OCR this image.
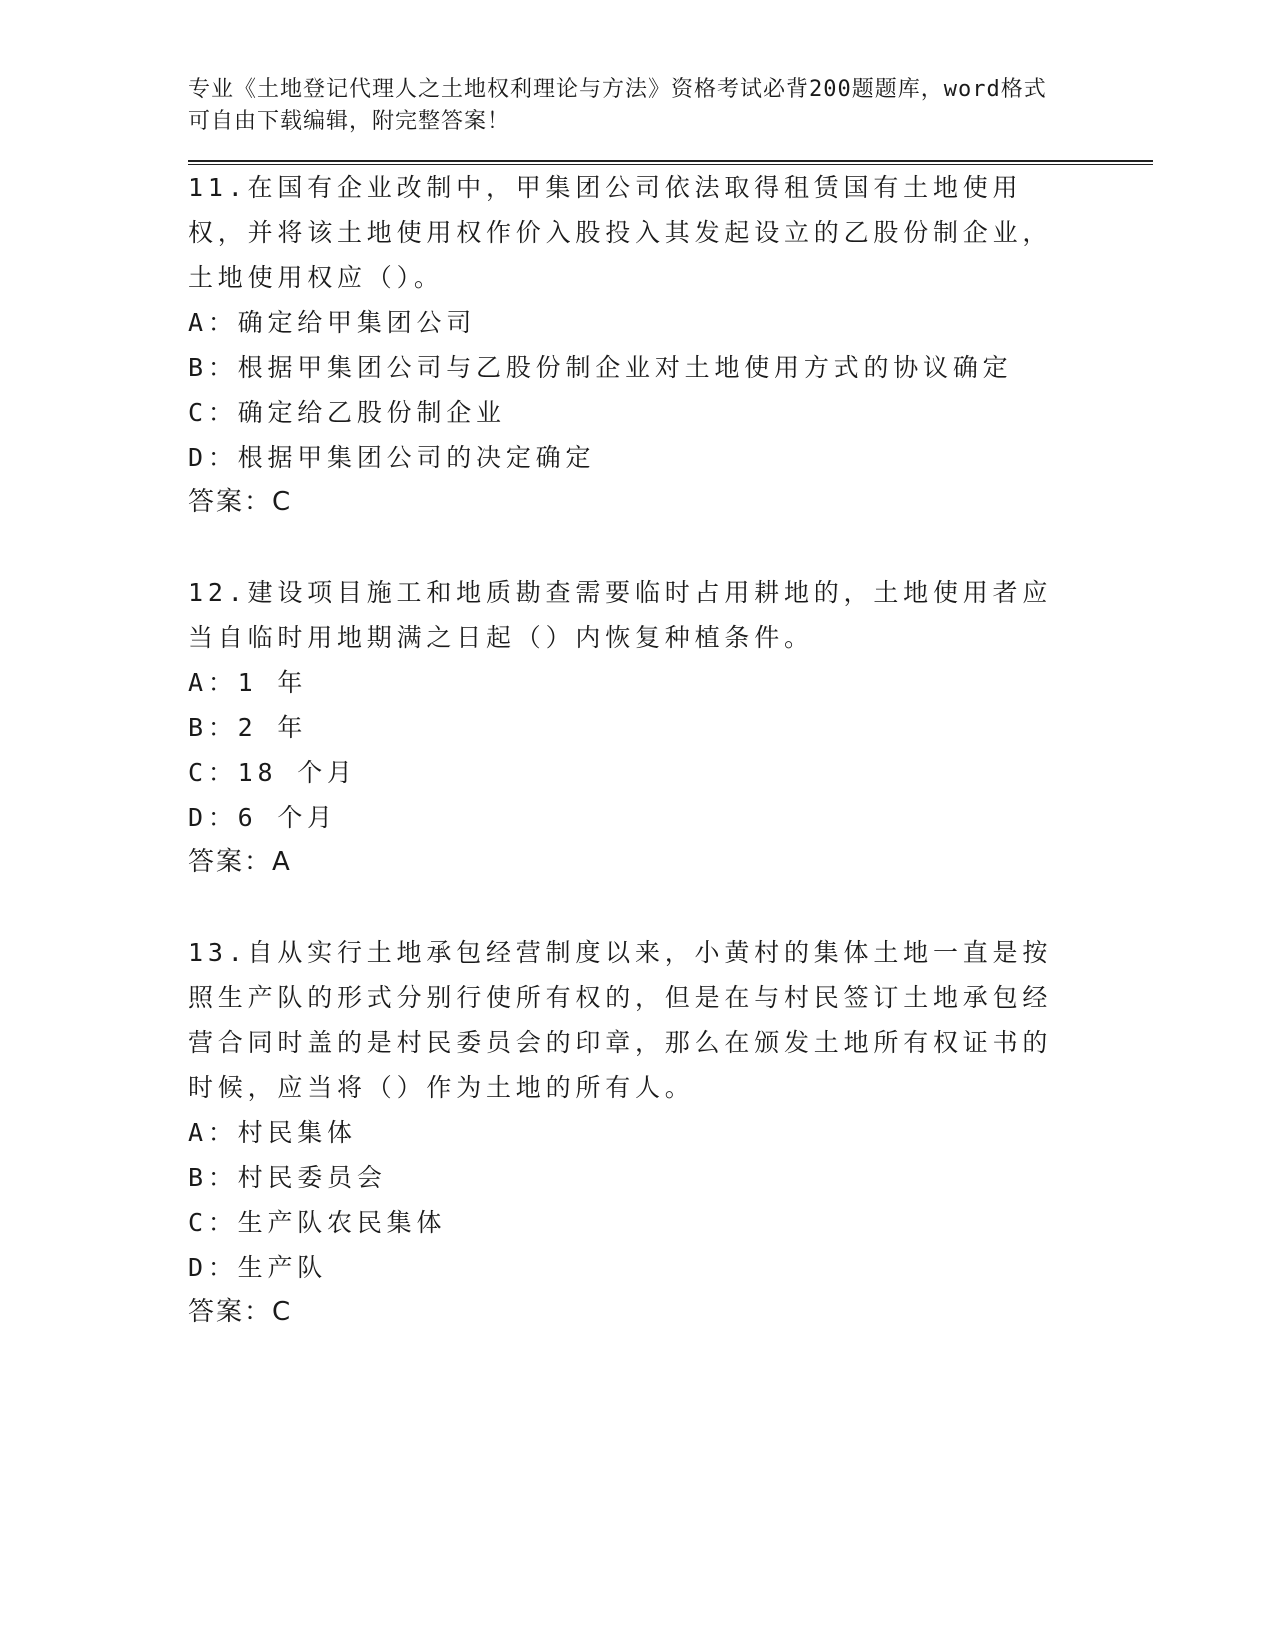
专业《土地登记代理人之土地权利理论与方法》资格考试必背200题题库，word格式可自由下载编辑，附完整答案！

11.在国有企业改制中，甲集团公司依法取得租赁国有土地使用权，并将该土地使用权作价入股投入其发起设立的乙股份制企业，土地使用权应（）。

A：确定给甲集团公司

B：根据甲集团公司与乙股份制企业对土地使用方式的协议确定

C：确定给乙股份制企业

D：根据甲集团公司的决定确定

答案：C

12.建设项目施工和地质勘查需要临时占用耕地的，土地使用者应当自临时用地期满之日起（）内恢复种植条件。

A：1 年

B：2 年

C：18 个月

D：6 个月

答案：A

13.自从实行土地承包经营制度以来，小黄村的集体土地一直是按照生产队的形式分别行使所有权的，但是在与村民签订土地承包经营合同时盖的是村民委员会的印章，那么在颁发土地所有权证书的时候，应当将（）作为土地的所有人。

A：村民集体

B：村民委员会

C：生产队农民集体

D：生产队

答案：C
